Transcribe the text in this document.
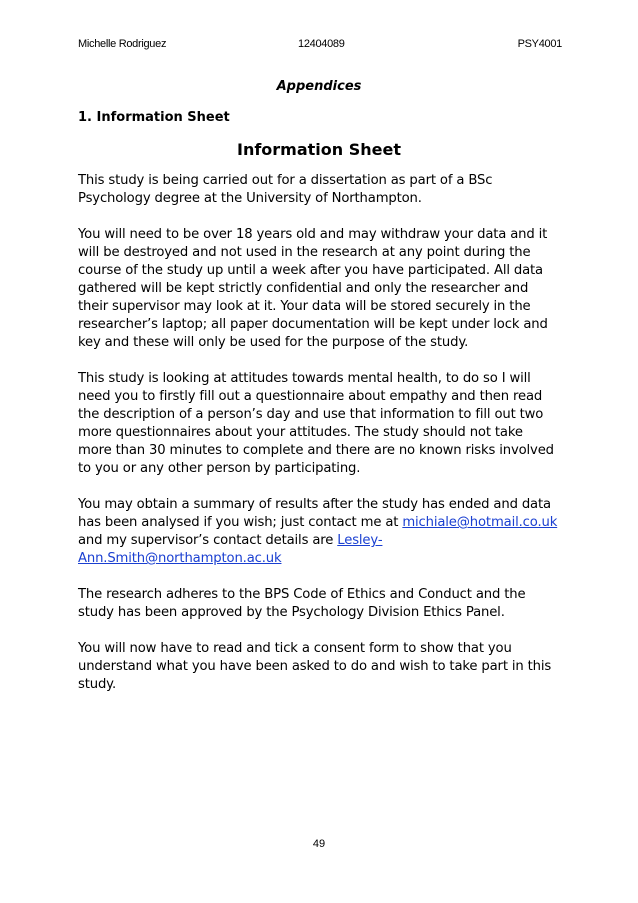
Michelle Rodriguez	12404089	PSY4001
Appendices
1. Information Sheet
Information Sheet

This study is being carried out for a dissertation as part of a BSc
Psychology degree at the University of Northampton.

You will need to be over 18 years old and may withdraw your data and it
will be destroyed and not used in the research at any point during the
course of the study up until a week after you have participated. All data
gathered will be kept strictly confidential and only the researcher and
their supervisor may look at it. Your data will be stored securely in the
researcher’s laptop; all paper documentation will be kept under lock and
key and these will only be used for the purpose of the study.

This study is looking at attitudes towards mental health, to do so I will
need you to firstly fill out a questionnaire about empathy and then read
the description of a person’s day and use that information to fill out two
more questionnaires about your attitudes. The study should not take
more than 30 minutes to complete and there are no known risks involved
to you or any other person by participating.

You may obtain a summary of results after the study has ended and data
has been analysed if you wish; just contact me at michiale@hotmail.co.uk
and my supervisor’s contact details are Lesley-
Ann.Smith@northampton.ac.uk

The research adheres to the BPS Code of Ethics and Conduct and the
study has been approved by the Psychology Division Ethics Panel.

You will now have to read and tick a consent form to show that you
understand what you have been asked to do and wish to take part in this
study.

49
